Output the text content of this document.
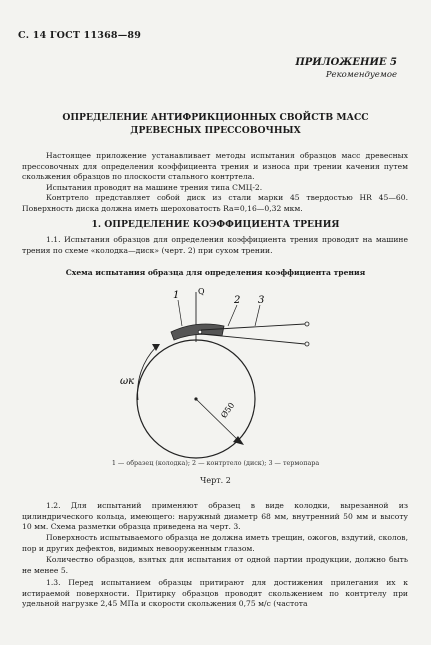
С. 14 ГОСТ 11368—89
ПРИЛОЖЕНИЕ 5
Рекомендуемое
ОПРЕДЕЛЕНИЕ АНТИФРИКЦИОННЫХ СВОЙСТВ МАСС
ДРЕВЕСНЫХ ПРЕССОВОЧНЫХ
Настоящее приложение устанавливает методы испытания образцов масс древесных прессовочных для определения коэффициента трения и износа при трении качения путем скольжения образцов по плоскости стального контртела.
Испытания проводят на машине трения типа СМЦ-2.
Контртело представляет собой диск из стали марки 45 твердостью HR 45—60. Поверхность диска должна иметь шероховатость Ra=0,16—0,32 мкм.
1. ОПРЕДЕЛЕНИЕ КОЭФФИЦИЕНТА ТРЕНИЯ
1.1. Испытания образцов для определения коэффициента трения проводят на машине трения по схеме «колодка—диск» (черт. 2) при сухом трении.
Схема испытания образца для определения коэффициента трения
1 Q
2 3
ωк
Ø50
1 — образец (колодка); 2 — контртело (диск); 3 — термопара
Черт. 2
1.2. Для испытаний применяют образец в виде колодки, вырезанной из цилиндрического кольца, имеющего: наружный диаметр 68 мм, внутренний 50 мм и высоту 10 мм. Схема разметки образца приведена на черт. 3.
Поверхность испытываемого образца не должна иметь трещин, ожогов, вздутий, сколов, пор и других дефектов, видимых невооруженным глазом.
Количество образцов, взятых для испытания от одной партии продукции, должно быть не менее 5.
1.3. Перед испытанием образцы притирают для достижения прилегания их к истираемой поверхности. Притирку образцов проводят скольжением по контртелу при удельной нагрузке 2,45 МПа и скорости скольжения 0,75 м/с (частота
